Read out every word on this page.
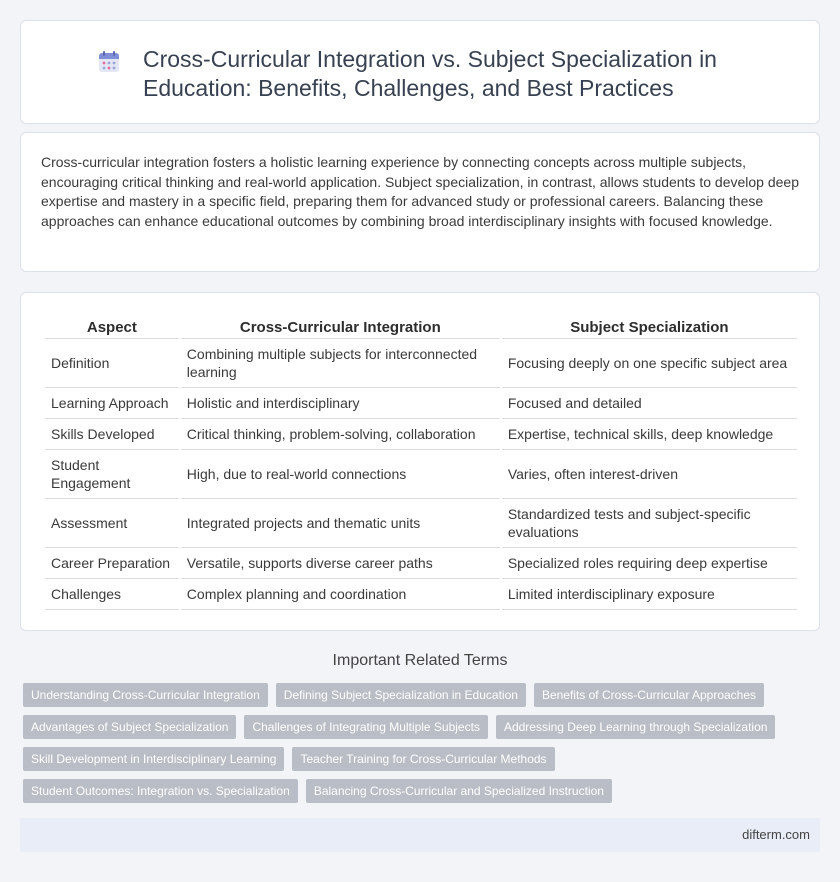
Cross-Curricular Integration vs. Subject Specialization in Education: Benefits, Challenges, and Best Practices

Cross-curricular integration fosters a holistic learning experience by connecting concepts across multiple subjects, encouraging critical thinking and real-world application. Subject specialization, in contrast, allows students to develop deep expertise and mastery in a specific field, preparing them for advanced study or professional careers. Balancing these approaches can enhance educational outcomes by combining broad interdisciplinary insights with focused knowledge.

Aspect	Cross-Curricular Integration	Subject Specialization
Definition	Combining multiple subjects for interconnected learning	Focusing deeply on one specific subject area
Learning Approach	Holistic and interdisciplinary	Focused and detailed
Skills Developed	Critical thinking, problem-solving, collaboration	Expertise, technical skills, deep knowledge
Student Engagement	High, due to real-world connections	Varies, often interest-driven
Assessment	Integrated projects and thematic units	Standardized tests and subject-specific evaluations
Career Preparation	Versatile, supports diverse career paths	Specialized roles requiring deep expertise
Challenges	Complex planning and coordination	Limited interdisciplinary exposure
Important Related Terms
Understanding Cross-Curricular Integration	Defining Subject Specialization in Education	Benefits of Cross-Curricular Approaches
Advantages of Subject Specialization	Challenges of Integrating Multiple Subjects	Addressing Deep Learning through Specialization
Skill Development in Interdisciplinary Learning	Teacher Training for Cross-Curricular Methods
Student Outcomes: Integration vs. Specialization	Balancing Cross-Curricular and Specialized Instruction
difterm.com
